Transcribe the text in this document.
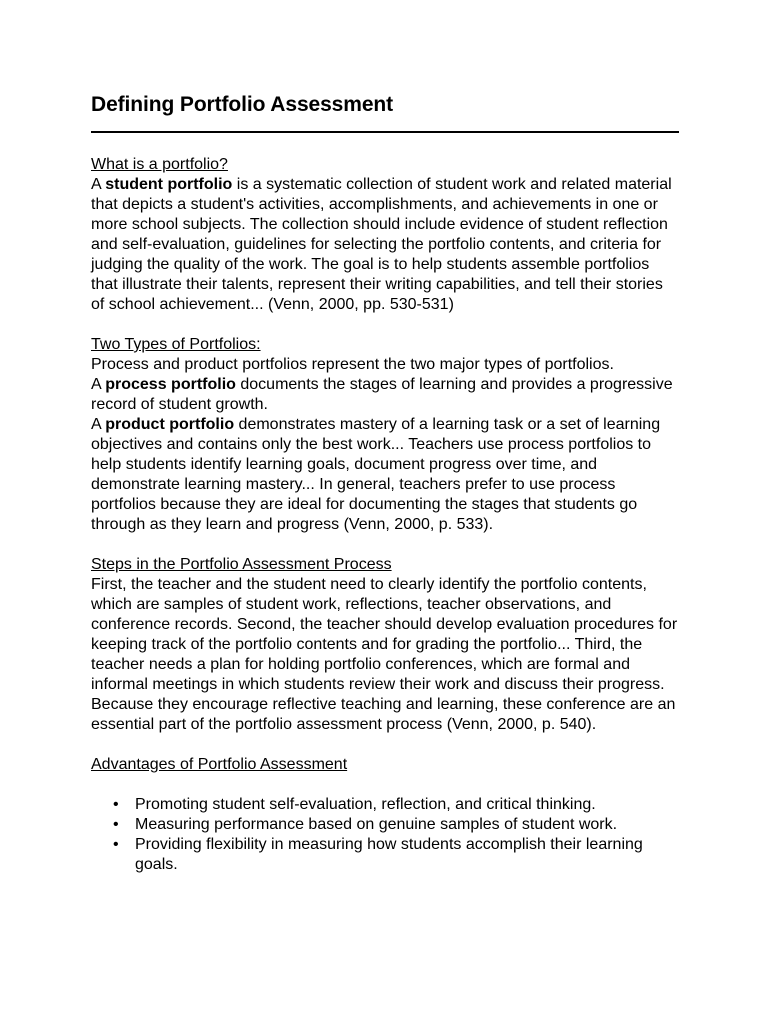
Defining Portfolio Assessment
What is a portfolio?
A student portfolio is a systematic collection of student work and related material that depicts a student's activities, accomplishments, and achievements in one or more school subjects. The collection should include evidence of student reflection and self-evaluation, guidelines for selecting the portfolio contents, and criteria for judging the quality of the work. The goal is to help students assemble portfolios that illustrate their talents, represent their writing capabilities, and tell their stories of school achievement... (Venn, 2000, pp. 530-531)
Two Types of Portfolios:
Process and product portfolios represent the two major types of portfolios.
A process portfolio documents the stages of learning and provides a progressive record of student growth.
A product portfolio demonstrates mastery of a learning task or a set of learning objectives and contains only the best work... Teachers use process portfolios to help students identify learning goals, document progress over time, and demonstrate learning mastery... In general, teachers prefer to use process portfolios because they are ideal for documenting the stages that students go through as they learn and progress (Venn, 2000, p. 533).
Steps in the Portfolio Assessment Process
First, the teacher and the student need to clearly identify the portfolio contents, which are samples of student work, reflections, teacher observations, and conference records. Second, the teacher should develop evaluation procedures for keeping track of the portfolio contents and for grading the portfolio... Third, the teacher needs a plan for holding portfolio conferences, which are formal and informal meetings in which students review their work and discuss their progress. Because they encourage reflective teaching and learning, these conference are an essential part of the portfolio assessment process (Venn, 2000, p. 540).
Advantages of Portfolio Assessment
• Promoting student self-evaluation, reflection, and critical thinking.
• Measuring performance based on genuine samples of student work.
• Providing flexibility in measuring how students accomplish their learning goals.
